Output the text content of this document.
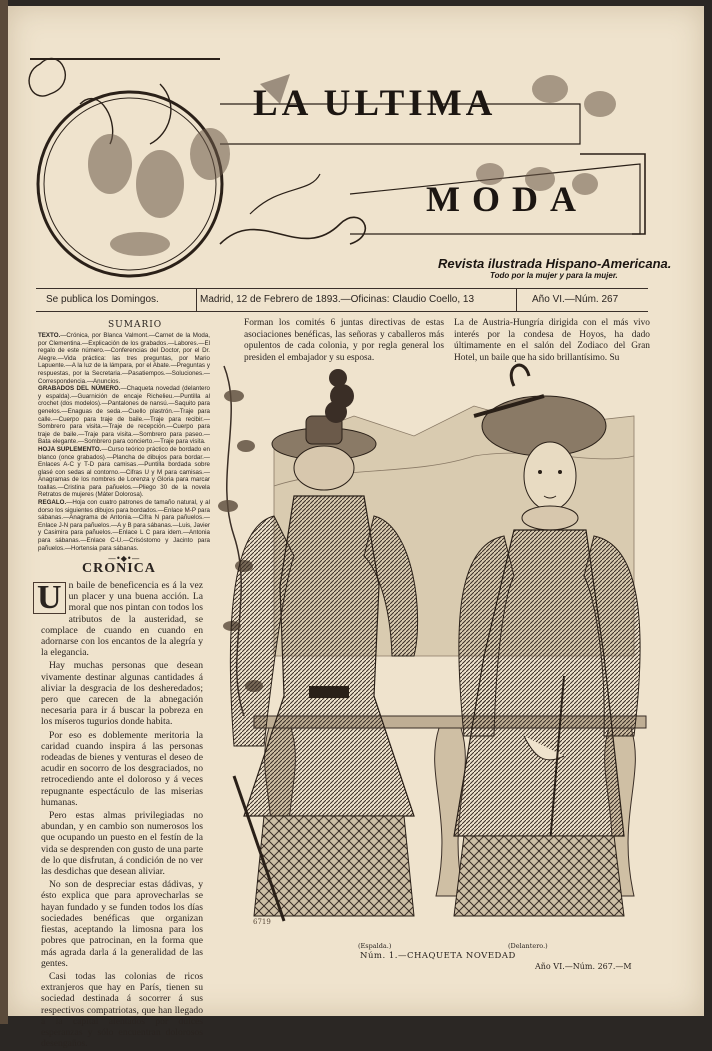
LA ULTIMA
MODA
Revista ilustrada Hispano-Americana.
Todo por la mujer y para la mujer.
Se publica los Domingos.	Madrid, 12 de Febrero de 1893.—Oficinas: Claudio Coello, 13	Año VI.—Núm. 267
SUMARIO
TEXTO.—Crónica, por Blanca Valmont.—Carnet de la Moda, por Clementina.—Explicación de los grabados.—Labores.—El regalo de este número.—Conferencias del Doctor, por el Dr. Alegre.—Vida práctica: las tres preguntas, por Mario Lapuente.—A la luz de la lámpara, por el Abate.—Preguntas y respuestas, por la Secretaria.—Pasatiempos.—Soluciones.—Correspondencia.—Anuncios.
GRABADOS DEL NÚMERO.—Chaqueta novedad (delantero y espalda).—Guarnición de encaje Richelieu.—Puntilla al crochet (dos modelos).—Pantalones de nansú.—Saquito para genelos.—Enaguas de seda.—Cuello plastrón.—Traje para calle.—Cuerpo para traje de baile.—Traje para recibir.—Sombrero para visita.—Traje de recepción.—Cuerpo para traje de baile.—Traje para visita.—Sombrero para paseo.—Bata elegante.—Sombrero para concierto.—Traje para visita.
HOJA SUPLEMENTO.—Curso teórico práctico de bordado en blanco (once grabados).—Plancha de dibujos para bordar.—Enlaces A-C y T-D para camisas.—Puntilla bordada sobre glasé con sedas al contorno.—Cifras U y M para camisas.—Anagramas de los nombres de Lorenza y Gloria para marcar toallas.—Cristina para pañuelos.—Pliego 30 de la novela Retratos de mujeres (Máter Dolorosa).
REGALO.—Hoja con cuatro patrones de tamaño natural, y al dorso los siguientes dibujos para bordados.—Enlace M-P para sábanas.—Anagrama de Antonia.—Cifra N para pañuelos.—Enlace J-N para pañuelos.—A y B para sábanas.—Luis, Javier y Casimira para pañuelos.—Enlace L C para idem.—Antonia para sábanas.—Enlace C-U.—Crisóstomo y Jacinto para pañuelos.—Hortensia para sábanas.
—•◆•—
CRONICA

U n baile de beneficencia es á la vez un placer y una buena acción. La moral que nos pintan con todos los atributos de la austeridad, se complace de cuando en cuando en adornarse con los encantos de la alegría y la elegancia.

Hay muchas personas que desean vivamente destinar algunas cantidades á aliviar la desgracia de los desheredados; pero que carecen de la abnegación necesaria para ir á buscar la pobreza en los míseros tugurios donde habita.

Por eso es doblemente meritoria la caridad cuando inspira á las personas rodeadas de bienes y venturas el deseo de acudir en socorro de los desgraciados, no retrocediendo ante el doloroso y á veces repugnante espectáculo de las miserias humanas.

Pero estas almas privilegiadas no abundan, y en cambio son numerosos los que ocupando un puesto en el festín de la vida se desprenden con gusto de una parte de lo que disfrutan, á condición de no ver las desdichas que desean aliviar.

No son de despreciar estas dádivas, y ésto explica que para aprovecharlas se hayan fundado y se funden todos los días sociedades benéficas que organizan fiestas, aceptando la limosna para los pobres que patrocinan, en la forma que más agrada darla á la generalidad de las gentes.

Casi todas las colonias de ricos extranjeros que hay en París, tienen su sociedad destinada á socorrer á sus respectivos compatriotas, que han llegado á la capital alentados por dulces esperanzas y sólo encuentran dolorosos desengaños.

Forman los comités 6 juntas directivas de estas asociaciones benéficas, las señoras y caballeros más opulentos de cada colonia, y por regla general los presiden el embajador y su esposa.
La de Austria-Hungría dirigida con el más vivo interés por la condesa de Hoyos, ha dado últimamente en el salón del Zodiaco del Gran Hotel, un baile que ha sido brillantísimo. Su
6719
(Espalda.)	(Delantero.)
Núm. 1.—CHAQUETA NOVEDAD
Año VI.—Núm. 267.—M
